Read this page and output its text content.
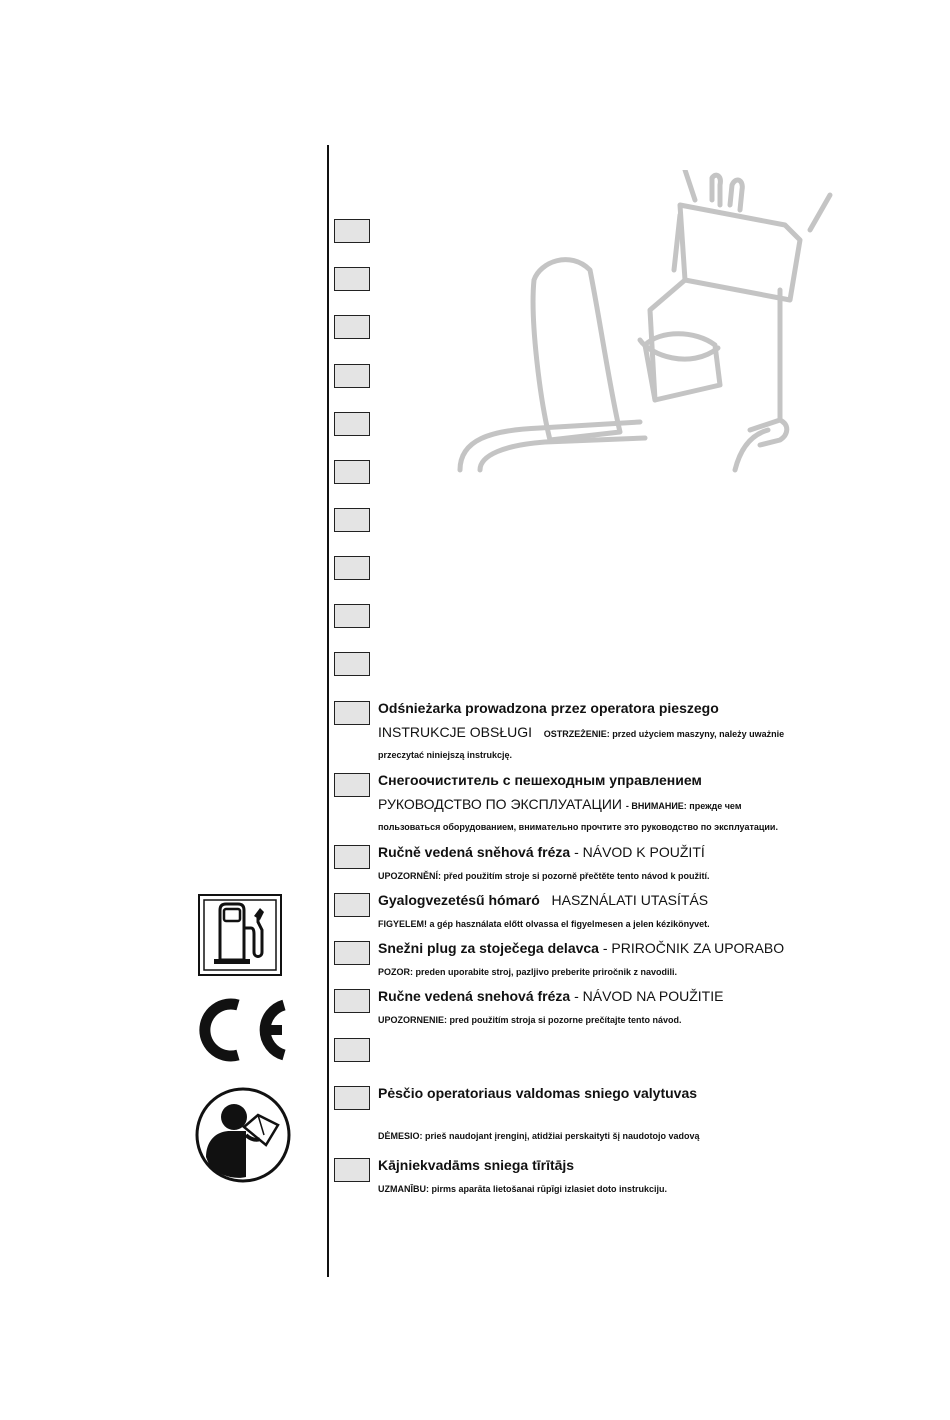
Odśnieżarka prowadzona przez operatora pieszego
INSTRUKCJE OBSŁUGI OSTRZEŻENIE: przed użyciem maszyny, należy uważnie
przeczytać niniejszą instrukcję.
Снегоочиститель с пешеходным управлением
РУКОВОДСТВО ПО ЭКСПЛУАТАЦИИ - ВНИМАНИЕ: прежде чем
пользоваться оборудованием, внимательно прочтите это руководство по эксплуатации.
Ručně vedená sněhová fréza - NÁVOD K POUŽITÍ
UPOZORNĚNÍ: před použitím stroje si pozorně přečtěte tento návod k použití.
Gyalogvezetésű hómaró HASZNÁLATI UTASÍTÁS
FIGYELEM! a gép használata előtt olvassa el figyelmesen a jelen kézikönyvet.
Snežni plug za stoječega delavca - PRIROČNIK ZA UPORABO
POZOR: preden uporabite stroj, pazljivo preberite priročnik z navodili.
Ručne vedená snehová fréza - NÁVOD NA POUŽITIE
UPOZORNENIE: pred použitím stroja si pozorne prečítajte tento návod.
Pėsčio operatoriaus valdomas sniego valytuvas
DĖMESIO: prieš naudojant įrenginį, atidžiai perskaityti šį naudotojo vadovą
Kājniekvadāms sniega tīrītājs
UZMANĪBU: pirms aparāta lietošanai rūpīgi izlasiet doto instrukciju.
